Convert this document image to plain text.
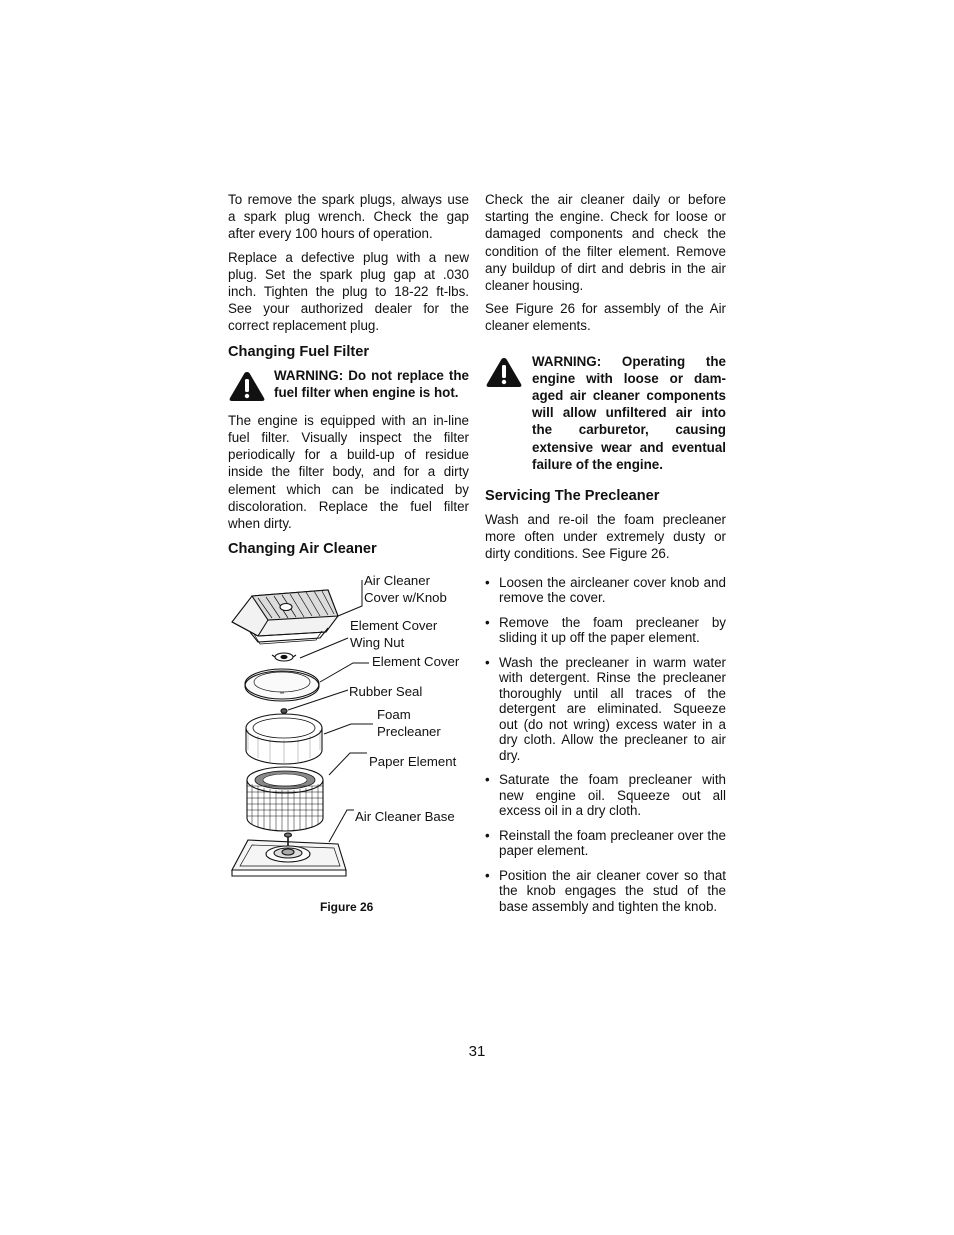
To remove the spark plugs, always use a spark plug wrench. Check the gap after every 100 hours of operation.

Replace a defective plug with a new plug. Set the spark plug gap at .030 inch. Tighten the plug to 18-22 ft-lbs. See your authorized dealer for the correct replacement plug.

Changing Fuel Filter
WARNING: Do not replace the fuel filter when engine is hot.

The engine is equipped with an in-line fuel filter. Visually inspect the filter periodically for a build-up of residue inside the filter body, and for a dirty element which can be indicated by discoloration. Replace the fuel filter when dirty.

Changing Air Cleaner
Air Cleaner
Cover w/Knob
Element Cover
Wing Nut
Element Cover
Rubber Seal
Foam
Precleaner
Paper Element
Air Cleaner Base
Figure 26

Check the air cleaner daily or before starting the engine. Check for loose or damaged components and check the condition of the filter element. Remove any buildup of dirt and debris in the air cleaner housing.

See Figure 26 for assembly of the Air cleaner elements.

WARNING: Operating the engine with loose or dam-aged air cleaner components will allow unfiltered air into the carburetor, causing extensive wear and eventual failure of the engine.
Servicing The Precleaner

Wash and re-oil the foam precleaner more often under extremely dusty or dirty conditions. See Figure 26.

• Loosen the aircleaner cover knob and remove the cover.
• Remove the foam precleaner by sliding it up off the paper element.
• Wash the precleaner in warm water with detergent. Rinse the precleaner thoroughly until all traces of the detergent are eliminated. Squeeze out (do not wring) excess water in a dry cloth. Allow the precleaner to air dry.
• Saturate the foam precleaner with new engine oil. Squeeze out all excess oil in a dry cloth.
• Reinstall the foam precleaner over the paper element.
• Position the air cleaner cover so that the knob engages the stud of the base assembly and tighten the knob.
31
